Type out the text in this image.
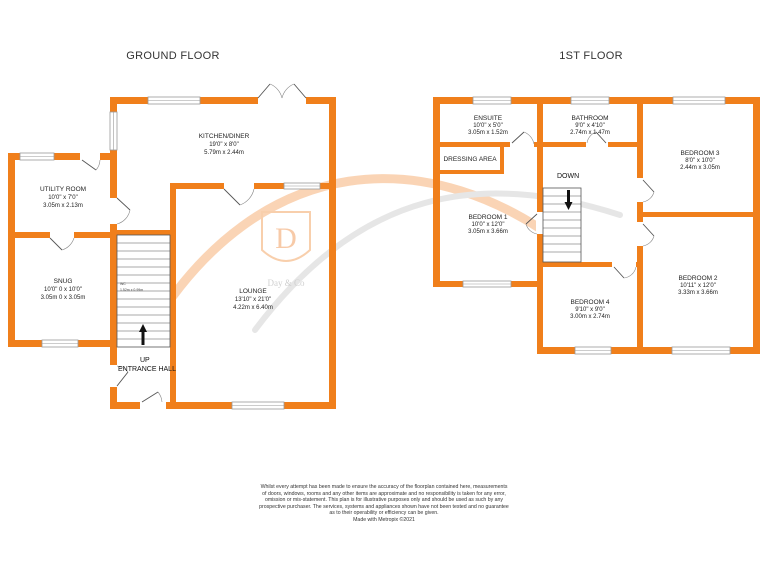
D
Day & Co
GROUND FLOOR	1ST FLOOR
WC
1.52m x 0.99m
KITCHEN/DINER
19'0" x 8'0"
5.79m x 2.44m
UTILITY ROOM
10'0" x 7'0"
3.05m x 2.13m
SNUG
10'0" 0 x 10'0"
3.05m 0 x 3.05m
LOUNGE
13'10" x 21'0"
4.22m x 6.40m
UP
ENTRANCE HALL
ENSUITE
10'0" x 5'0"
3.05m x 1.52m
BATHROOM
9'0" x 4'10"
2.74m x 1.47m
BEDROOM 3
8'0" x 10'0"
2.44m x 3.05m
DRESSING AREA
DOWN
BEDROOM 1
10'0" x 12'0"
3.05m x 3.66m
BEDROOM 2
10'11" x 12'0"
3.33m x 3.66m
BEDROOM 4
9'10" x 9'0"
3.00m x 2.74m
Whilst every attempt has been made to ensure the accuracy of the floorplan contained here, measurements
of doors, windows, rooms and any other items are approximate and no responsibility is taken for any error,
omission or mis-statement. This plan is for illustrative purposes only and should be used as such by any
prospective purchaser. The services, systems and appliances shown have not been tested and no guarantee
as to their operability or efficiency can be given.
Made with Metropix ©2021
